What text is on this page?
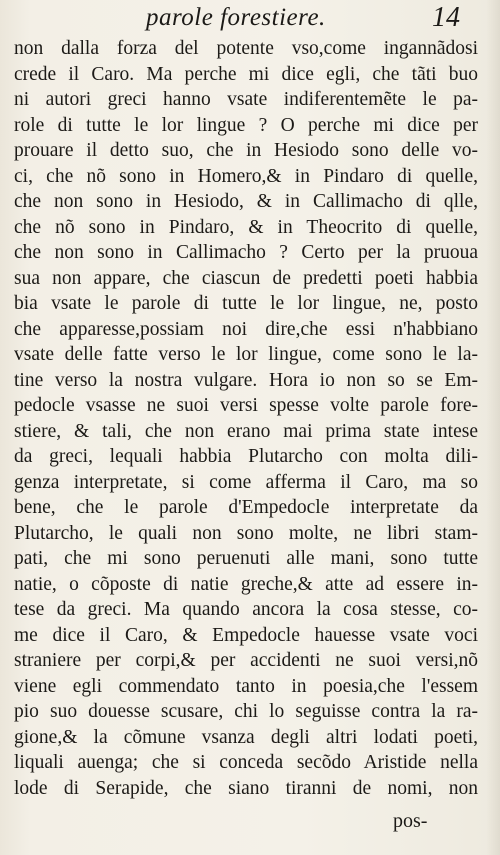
parole forestiere.	14
non dalla forza del potente vso,come ingannãdosi
crede il Caro. Ma perche mi dice egli, che tãti buo
ni autori greci hanno vsate indiferentemẽte le pa-
role di tutte le lor lingue ? O perche mi dice per
prouare il detto suo, che in Hesiodo sono delle vo-
ci, che nõ sono in Homero,& in Pindaro di quelle,
che non sono in Hesiodo, & in Callimacho di qlle,
che nõ sono in Pindaro, & in Theocrito di quelle,
che non sono in Callimacho ? Certo per la pruoua
sua non appare, che ciascun de predetti poeti habbia
bia vsate le parole di tutte le lor lingue, ne, posto
che apparesse,possiam noi dire,che essi n'habbiano
vsate delle fatte verso le lor lingue, come sono le la-
tine verso la nostra vulgare. Hora io non so se Em-
pedocle vsasse ne suoi versi spesse volte parole fore-
stiere, & tali, che non erano mai prima state intese
da greci, lequali habbia Plutarcho con molta dili-
genza interpretate, si come afferma il Caro, ma so
bene, che le parole d'Empedocle interpretate da
Plutarcho, le quali non sono molte, ne libri stam-
pati, che mi sono peruenuti alle mani, sono tutte
natie, o cõposte di natie greche,& atte ad essere in-
tese da greci. Ma quando ancora la cosa stesse, co-
me dice il Caro, & Empedocle hauesse vsate voci
straniere per corpi,& per accidenti ne suoi versi,nõ
viene egli commendato tanto in poesia,che l'essem
pio suo douesse scusare, chi lo seguisse contra la ra-
gione,& la cõmune vsanza degli altri lodati poeti,
liquali auenga; che si conceda secõdo Aristide nella
lode di Serapide, che siano tiranni de nomi, non
pos-
